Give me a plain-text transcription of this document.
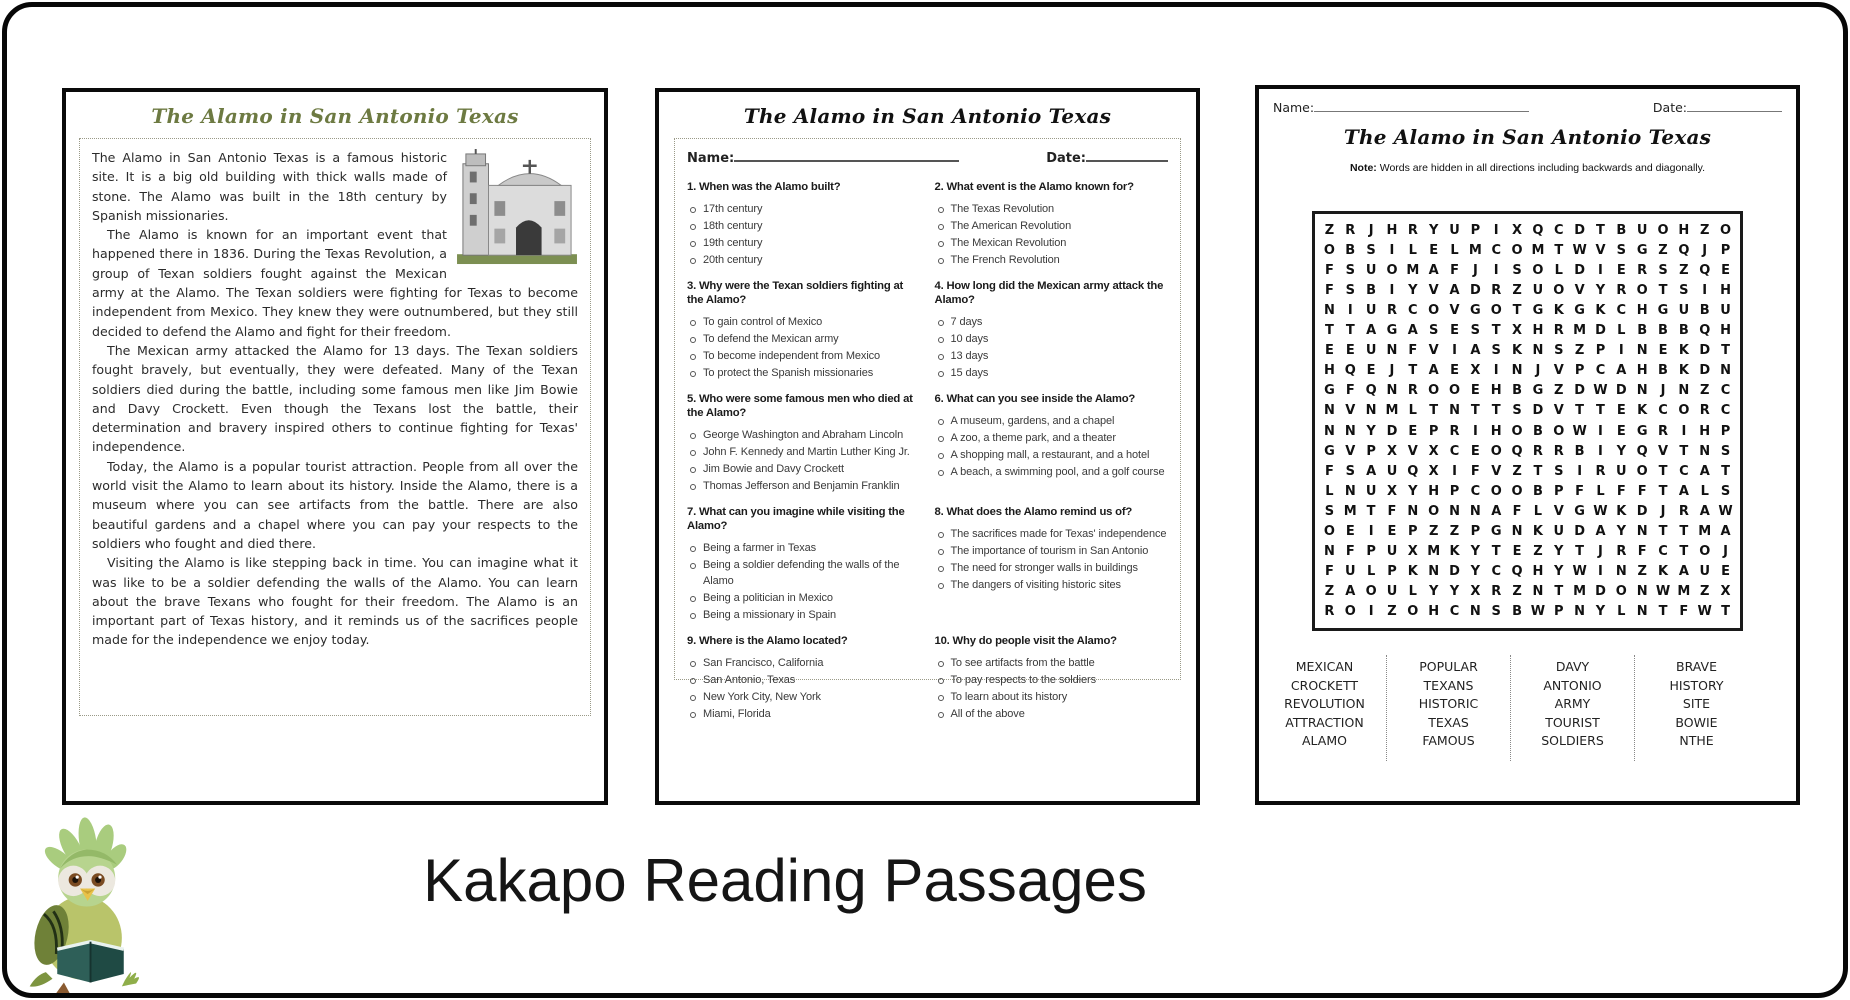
The Alamo in San Antonio Texas

The Alamo in San Antonio Texas is a famous historic site. It is a big old building with thick walls made of stone. The Alamo was built in the 18th century by Spanish missionaries.

The Alamo is known for an important event that happened there in 1836. During the Texas Revolution, a group of Texan soldiers fought against the Mexican army at the Alamo. The Texan soldiers were fighting for Texas to become independent from Mexico. They knew they were outnumbered, but they still decided to defend the Alamo and fight for their freedom.

The Mexican army attacked the Alamo for 13 days. The Texan soldiers fought bravely, but eventually, they were defeated. Many of the Texan soldiers died during the battle, including some famous men like Jim Bowie and Davy Crockett. Even though the Texans lost the battle, their determination and bravery inspired others to continue fighting for Texas' independence.

Today, the Alamo is a popular tourist attraction. People from all over the world visit the Alamo to learn about its history. Inside the Alamo, there is a museum where you can see artifacts from the battle. There are also beautiful gardens and a chapel where you can pay your respects to the soldiers who fought and died there.

Visiting the Alamo is like stepping back in time. You can imagine what it was like to be a soldier defending the walls of the Alamo. You can learn about the brave Texans who fought for their freedom. The Alamo is an important part of Texas history, and it reminds us of the sacrifices people made for the independence we enjoy today.

The Alamo in San Antonio Texas
Name:	Date:
1. When was the Alamo built?
17th century
18th century
19th century
20th century
2. What event is the Alamo known for?
The Texas Revolution
The American Revolution
The Mexican Revolution
The French Revolution
3. Why were the Texan soldiers fighting at the Alamo?
To gain control of Mexico
To defend the Mexican army
To become independent from Mexico
To protect the Spanish missionaries
4. How long did the Mexican army attack the Alamo?
7 days
10 days
13 days
15 days
5. Who were some famous men who died at the Alamo?
George Washington and Abraham Lincoln
John F. Kennedy and Martin Luther King Jr.
Jim Bowie and Davy Crockett
Thomas Jefferson and Benjamin Franklin
6. What can you see inside the Alamo?
A museum, gardens, and a chapel
A zoo, a theme park, and a theater
A shopping mall, a restaurant, and a hotel
A beach, a swimming pool, and a golf course
7. What can you imagine while visiting the Alamo?
Being a farmer in Texas
Being a soldier defending the walls of the Alamo
Being a politician in Mexico
Being a missionary in Spain
8. What does the Alamo remind us of?
The sacrifices made for Texas' independence
The importance of tourism in San Antonio
The need for stronger walls in buildings
The dangers of visiting historic sites
9. Where is the Alamo located?
San Francisco, California
San Antonio, Texas
New York City, New York
Miami, Florida
10. Why do people visit the Alamo?
To see artifacts from the battle
To pay respects to the soldiers
To learn about its history
All of the above
Name:	Date:
The Alamo in San Antonio Texas
Note: Words are hidden in all directions including backwards and diagonally.
Z R	J H R Y U P	I	X Q C D T B U O H Z O
O B S	I	L E L M C O M T W V S G Z Q J	P
F S U O M A F	J	I	S O L D	I	E R S Z Q E
F S B	I	Y V A D R Z U O V Y R O T S	I H
N I	U R C O V G O T G K G K C H G U B U
T T A G A S E S T X H R M D L B B B Q H
E E U N F V	I	A S K N S Z P	I N E K D T
H Q E	J	T A E X	I N J	V P C A H B K D N
G F Q N R O O E H B G Z D W D N J N Z C
N V N M L T N T T S D V T T E K C O R C
N N Y D E P R	I H O B O W I	E G R	I H P
G V P X V X C E O Q R R B	I	Y Q V T N S
F S A U Q X	I	F V Z T S	I	R U O T C A T
L N U X Y H P C O O B P F L F F T A L S
S M T F N O N N A F L V G W K D	J	R A W
O E	I	E P Z Z P G N K U D A Y N T T M A
N F P U X M K Y T E Z Y T	J	R F C T O J
F U L P K N D Y C Q H Y W I N Z K A U E
Z A O U L Y Y X R Z N T M D O N W M Z X
R O I	Z O H C N S B W P N Y L N T F W T
MEXICAN
CROCKETT
REVOLUTION
ATTRACTION
ALAMO
POPULAR
TEXANS
HISTORIC
TEXAS
FAMOUS
DAVY
ANTONIO
ARMY
TOURIST
SOLDIERS
BRAVE
HISTORY
SITE
BOWIE
NTHE
Kakapo Reading Passages
